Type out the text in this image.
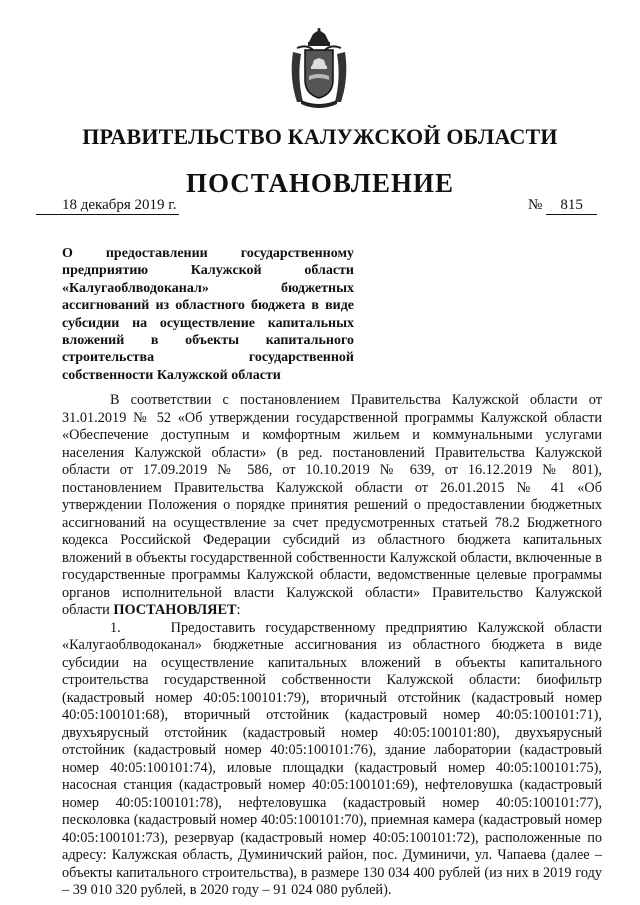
ПРАВИТЕЛЬСТВО КАЛУЖСКОЙ ОБЛАСТИ
ПОСТАНОВЛЕНИЕ
18 декабря 2019 г.	№	815
О предоставлении государственному предприятию Калужской области «Калугаоблводоканал» бюджетных ассигнований из областного бюджета в виде субсидии на осуществление капитальных вложений в объекты капитального строительства государственной собственности Калужской области

В соответствии с постановлением Правительства Калужской области от 31.01.2019 № 52 «Об утверждении государственной программы Калужской области «Обеспечение доступным и комфортным жильем и коммунальными услугами населения Калужской области» (в ред. постановлений Правительства Калужской области от 17.09.2019 № 586, от 10.10.2019 № 639, от 16.12.2019 № 801), постановлением Правительства Калужской области от 26.01.2015 № 41 «Об утверждении Положения о порядке принятия решений о предоставлении бюджетных ассигнований на осуществление за счет предусмотренных статьей 78.2 Бюджетного кодекса Российской Федерации субсидий из областного бюджета капитальных вложений в объекты государственной собственности Калужской области, включенные в государственные программы Калужской области, ведомственные целевые программы органов исполнительной власти Калужской области» Правительство Калужской области ПОСТАНОВЛЯЕТ:

1.	Предоставить государственному предприятию Калужской области «Калугаоблводоканал» бюджетные ассигнования из областного бюджета в виде субсидии на осуществление капитальных вложений в объекты капитального строительства государственной собственности Калужской области: биофильтр (кадастровый номер 40:05:100101:79), вторичный отстойник (кадастровый номер 40:05:100101:68), вторичный отстойник (кадастровый номер 40:05:100101:71), двухъярусный отстойник (кадастровый номер 40:05:100101:80), двухъярусный отстойник (кадастровый номер 40:05:100101:76), здание лаборатории (кадастровый номер 40:05:100101:74), иловые площадки (кадастровый номер 40:05:100101:75), насосная станция (кадастровый номер 40:05:100101:69), нефтеловушка (кадастровый номер 40:05:100101:78), нефтеловушка (кадастровый номер 40:05:100101:77), песколовка (кадастровый номер 40:05:100101:70), приемная камера (кадастровый номер 40:05:100101:73), резервуар (кадастровый номер 40:05:100101:72), расположенные по адресу: Калужская область, Думиничский район, пос. Думиничи, ул. Чапаева (далее – объекты капитального строительства), в размере 130 034 400 рублей (из них в 2019 году – 39 010 320 рублей, в 2020 году – 91 024 080 рублей).
